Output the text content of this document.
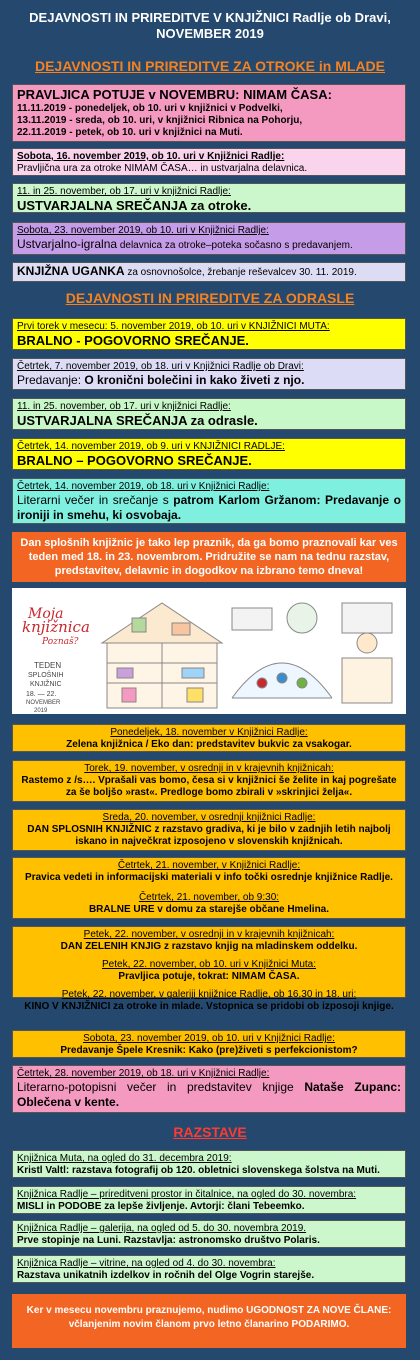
DEJAVNOSTI IN PRIREDITVE V KNJIŽNICI Radlje ob Dravi,
NOVEMBER 2019
DEJAVNOSTI IN PRIREDITVE ZA OTROKE in MLADE
PRAVLJICA POTUJE v NOVEMBRU: NIMAM ČASA:
11.11.2019 - ponedeljek, ob 10. uri v knjižnici v Podvelki,
13.11.2019 - sreda, ob 10. uri, v knjižnici Ribnica na Pohorju,
22.11.2019 - petek, ob 10. uri v knjižnici na Muti.
Sobota, 16. november 2019, ob 10. uri v Knjižnici Radlje:
Pravljična ura za otroke NIMAM ČASA… in ustvarjalna delavnica.
11. in 25. november, ob 17. uri v knjižnici Radlje:
USTVARJALNA SREČANJA za otroke.
Sobota, 23. november 2019, ob 10. uri v Knjižnici Radlje:
Ustvarjalno-igralna delavnica za otroke–poteka sočasno s predavanjem.
KNJIŽNA UGANKA za osnovnošolce, žrebanje reševalcev 30. 11. 2019.
DEJAVNOSTI IN PRIREDITVE ZA ODRASLE
Prvi torek v mesecu: 5. november 2019, ob 10. uri v KNJIŽNICI MUTA:
BRALNO - POGOVORNO SREČANJE.
Četrtek, 7. november 2019, ob 18. uri v Knjižnici Radlje ob Dravi:
Predavanje: O kronični bolečini in kako živeti z njo.
11. in 25. november, ob 17. uri v knjižnici Radlje:
USTVARJALNA SREČANJA za odrasle.
Četrtek, 14. november 2019, ob 9. uri v KNJIŽNICI RADLJE:
BRALNO – POGOVORNO SREČANJE.
Četrtek, 14. november 2019, ob 18. uri v Knjižnici Radlje:
Literarni večer in srečanje s patrom Karlom Gržanom: Predavanje o ironiji in smehu, ki osvobaja.
Dan splošnih knjižnic je tako lep praznik, da ga bomo praznovali kar ves teden med 18. in 23. novembrom. Pridružite se nam na tednu razstav, predstavitev, delavnic in dogodkov na izbrano temo dneva!
Moja
knjižnica
Poznaš?
TEDEN
SPLOŠNIH
KNJIŽNIC
18. — 22.
NOVEMBER
2019
Ponedeljek, 18. november v Knjižnici Radlje:
Zelena knjižnica / Eko dan: predstavitev bukvic za vsakogar.
Torek, 19. november, v osrednji in v krajevnih knjižnicah:
Rastemo z /s…. Vprašali vas bomo, česa si v knjižnici še želite in kaj pogrešate za še boljšo »rast«. Predloge bomo zbirali v »skrinjici želja«.
Sreda, 20. november, v osrednji knjižnici Radlje:
DAN SPLOSNIH KNJIŽNIC z razstavo gradiva, ki je bilo v zadnjih letih najbolj iskano in največkrat izposojeno v slovenskih knjižnicah.
Četrtek, 21. november, v Knjižnici Radlje:
Pravica vedeti in informacijski materiali v info točki osrednje knjižnice Radlje.
Četrtek, 21. november, ob 9:30:
BRALNE URE v domu za starejše občane Hmelina.
Petek, 22. november, v osrednji in v krajevnih knjižnicah:
DAN ZELENIH KNJIG z razstavo knjig na mladinskem oddelku.
Petek, 22. november, ob 10. uri v Knjižnici Muta:
Pravljica potuje, tokrat: NIMAM ČASA.
Petek, 22. november, v galeriji knjižnice Radlje, ob 16.30 in 18. uri:
KINO V KNJIŽNICI za otroke in mlade. Vstopnica se pridobi ob izposoji knjige.
Sobota, 23. november 2019, ob 10. uri v Knjižnici Radlje:
Predavanje Špele Kresnik: Kako (pre)živeti s perfekcionistom?
Četrtek, 28. november 2019, ob 18. uri v Knjižnici Radlje:
Literarno-potopisni večer in predstavitev knjige Nataše Zupanc: Oblečena v kente.
RAZSTAVE
Knjižnica Muta, na ogled do 31. decembra 2019:
Kristl Valtl: razstava fotografij ob 120. obletnici slovenskega šolstva na Muti.
Knjižnica Radlje – prireditveni prostor in čitalnice, na ogled do 30. novembra:
MISLI in PODOBE za lepše življenje. Avtorji: člani Tebeemko.
Knjižnica Radlje – galerija, na ogled od 5. do 30. novembra 2019.
Prve stopinje na Luni. Razstavlja: astronomsko društvo Polaris.
Knjižnica Radlje – vitrine, na ogled od 4. do 30. novembra:
Razstava unikatnih izdelkov in ročnih del Olge Vogrin starejše.
Ker v mesecu novembru praznujemo, nudimo UGODNOST ZA NOVE ČLANE: včlanjenim novim članom prvo letno članarino PODARIMO.
